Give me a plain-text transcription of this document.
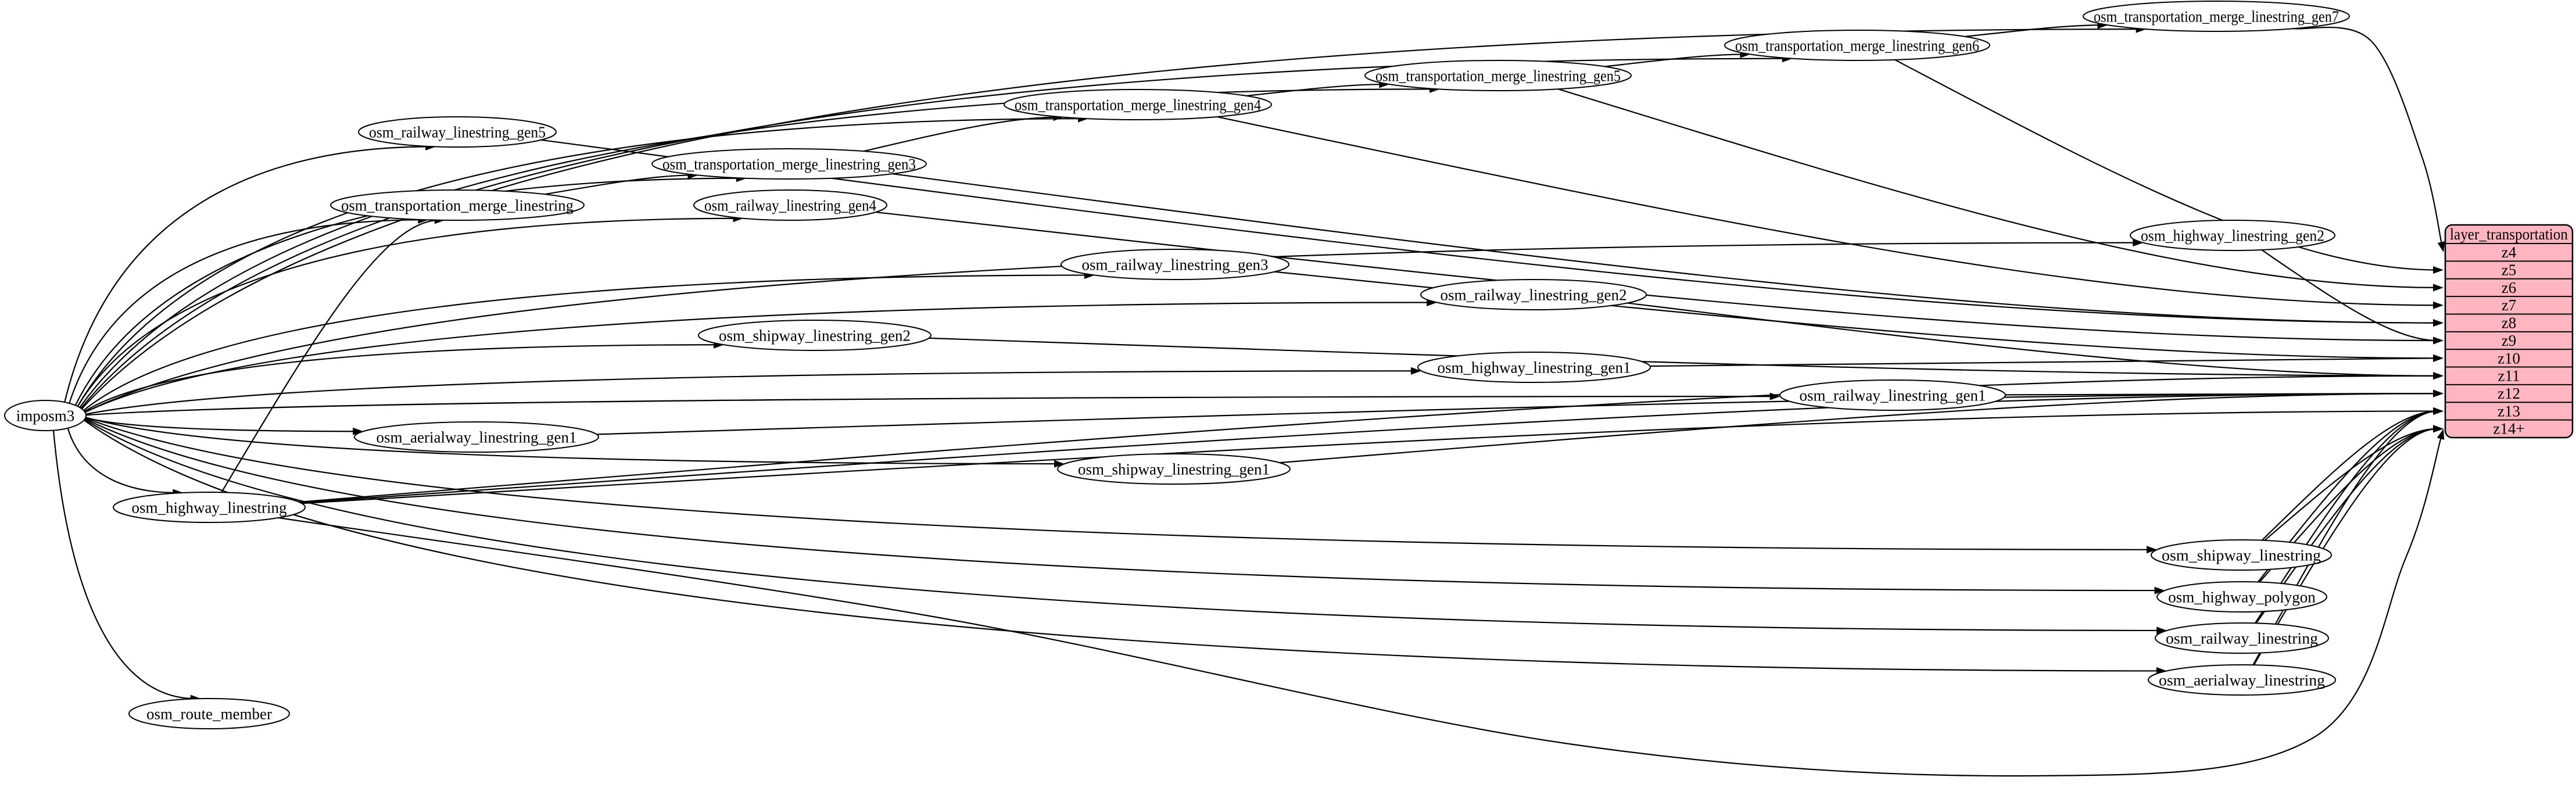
imposm3
osm_railway_linestring_gen5
osm_transportation_merge_linestring
osm_transportation_merge_linestring_gen3
osm_railway_linestring_gen4
osm_transportation_merge_linestring_gen4
osm_transportation_merge_linestring_gen5
osm_transportation_merge_linestring_gen6
osm_transportation_merge_linestring_gen7
osm_railway_linestring_gen3
osm_highway_linestring_gen2
osm_railway_linestring_gen2
osm_shipway_linestring_gen2
osm_highway_linestring_gen1
osm_railway_linestring_gen1
osm_aerialway_linestring_gen1
osm_shipway_linestring_gen1
osm_highway_linestring
osm_shipway_linestring
osm_highway_polygon
osm_railway_linestring
osm_aerialway_linestring
osm_route_member
layer_transportation
z4
z5
z6
z7
z8
z9
z10
z11
z12
z13
z14+
